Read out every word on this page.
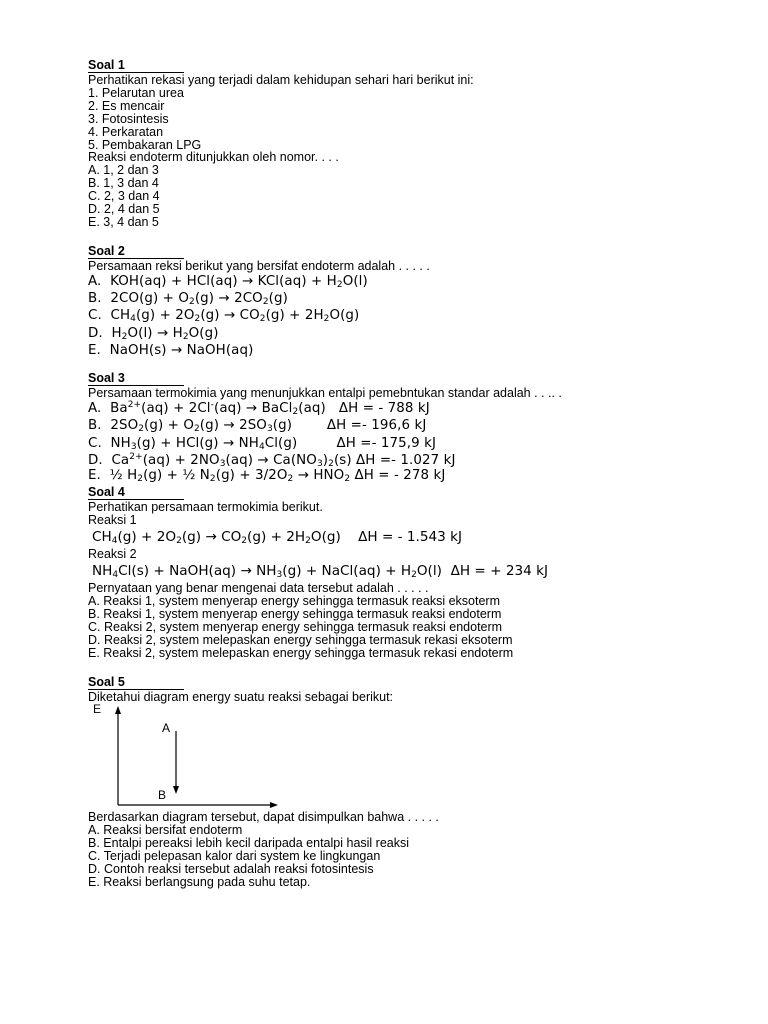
Soal 1
Perhatikan rekasi yang terjadi dalam kehidupan sehari hari berikut ini:
1. Pelarutan urea
2. Es mencair
3. Fotosintesis
4. Perkaratan
5. Pembakaran LPG
Reaksi endoterm ditunjukkan oleh nomor. . . .
A. 1, 2 dan 3
B. 1, 3 dan 4
C. 2, 3 dan 4
D. 2, 4 dan 5
E. 3, 4 dan 5
Soal 2
Persamaan reksi berikut yang bersifat endoterm adalah . . . . .
A.  $KOH(aq) + HCl(aq) \to KCl(aq) + H_2O(l)$
B.  $2CO(g) + O_2(g) \to 2CO_2(g)$
C.  $CH_4(g) + 2O_2(g) \to CO_2(g) + 2H_2O(g)$
D.  $H_2O(l) \to H_2O(g)$
E.  NaOH(s) → NaOH(aq)
Soal 3
Persamaan termokimia yang menunjukkan entalpi pemebntukan standar adalah . . .. .
A.  $Ba^{2+}(aq) + 2Cl^-(aq)$ → BaCl$_2$(aq)   ΔH = - 788 kJ
B.  $2SO_2(g) + O_2(g) \to 2SO_3(g)$        ΔH =- 196,6 kJ
C.  $NH_3(g) + HCl(g) \to NH_4Cl(g)$         ΔH =- 175,9 kJ
D.  $Ca^{2+}(aq) + 2NO_3(aq) \to Ca(NO_3)_2(s) \Delta H =- 1.027$ kJ
E.  ½ $H_2(g)$ + ½ $N_2(g) + 3/2O_2 \to HNO_2$ ΔH = - 278 kJ
Soal 4
Perhatikan persamaan termokimia berikut.
Reaksi 1
$CH_4(g) + 2O_2(g) \to CO_2(g) + 2H_2O(g)$    ΔH = - 1.543 kJ
Reaksi 2
$NH_4Cl(s)$ + NaOH(aq) → $NH_3(g)$ + NaCl(aq) + $H_2O(l) \Delta H$ = + 234 kJ
Pernyataan yang benar mengenai data tersebut adalah . . . . .
A. Reaksi 1, system menyerap energy sehingga termasuk reaksi eksoterm
B. Reaksi 1, system menyerap energy sehingga termasuk reaksi endoterm
C. Reaksi 2, system menyerap energy sehingga termasuk reaksi endoterm
D. Reaksi 2, system melepaskan energy sehingga termasuk rekasi eksoterm
E. Reaksi 2, system melepaskan energy sehingga termasuk rekasi endoterm
Soal 5
Diketahui diagram energy suatu reaksi sebagai berikut:
E
A
B
Berdasarkan diagram tersebut, dapat disimpulkan bahwa . . . . .
A. Reaksi bersifat endoterm
B. Entalpi pereaksi lebih kecil daripada entalpi hasil reaksi
C. Terjadi pelepasan kalor dari system ke lingkungan
D. Contoh reaksi tersebut adalah reaksi fotosintesis
E. Reaksi berlangsung pada suhu tetap.
